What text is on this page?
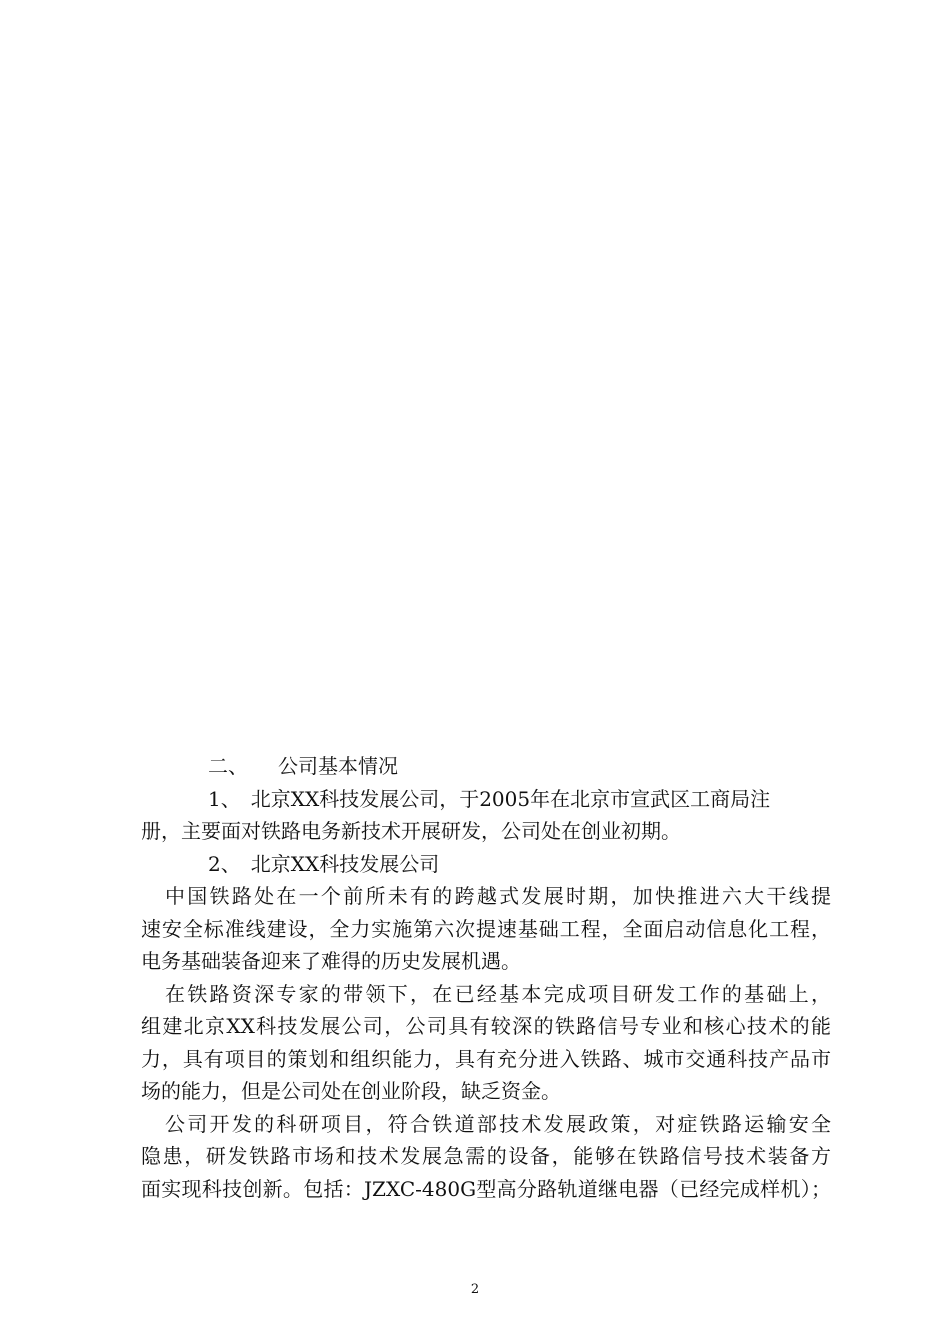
二、 公司基本情况
1、 北京XX科技发展公司，于2005年在北京市宣武区工商局注
册，主要面对铁路电务新技术开展研发，公司处在创业初期。
2、 北京XX科技发展公司
中国铁路处在一个前所未有的跨越式发展时期，加快推进六大干线提
速安全标准线建设，全力实施第六次提速基础工程，全面启动信息化工程，
电务基础装备迎来了难得的历史发展机遇。
在铁路资深专家的带领下，在已经基本完成项目研发工作的基础上，
组建北京XX科技发展公司，公司具有较深的铁路信号专业和核心技术的能
力，具有项目的策划和组织能力，具有充分进入铁路、城市交通科技产品市
场的能力，但是公司处在创业阶段，缺乏资金。
公司开发的科研项目，符合铁道部技术发展政策，对症铁路运输安全
隐患，研发铁路市场和技术发展急需的设备，能够在铁路信号技术装备方
面实现科技创新。包括：JZXC-480G型高分路轨道继电器（已经完成样机）；
2
